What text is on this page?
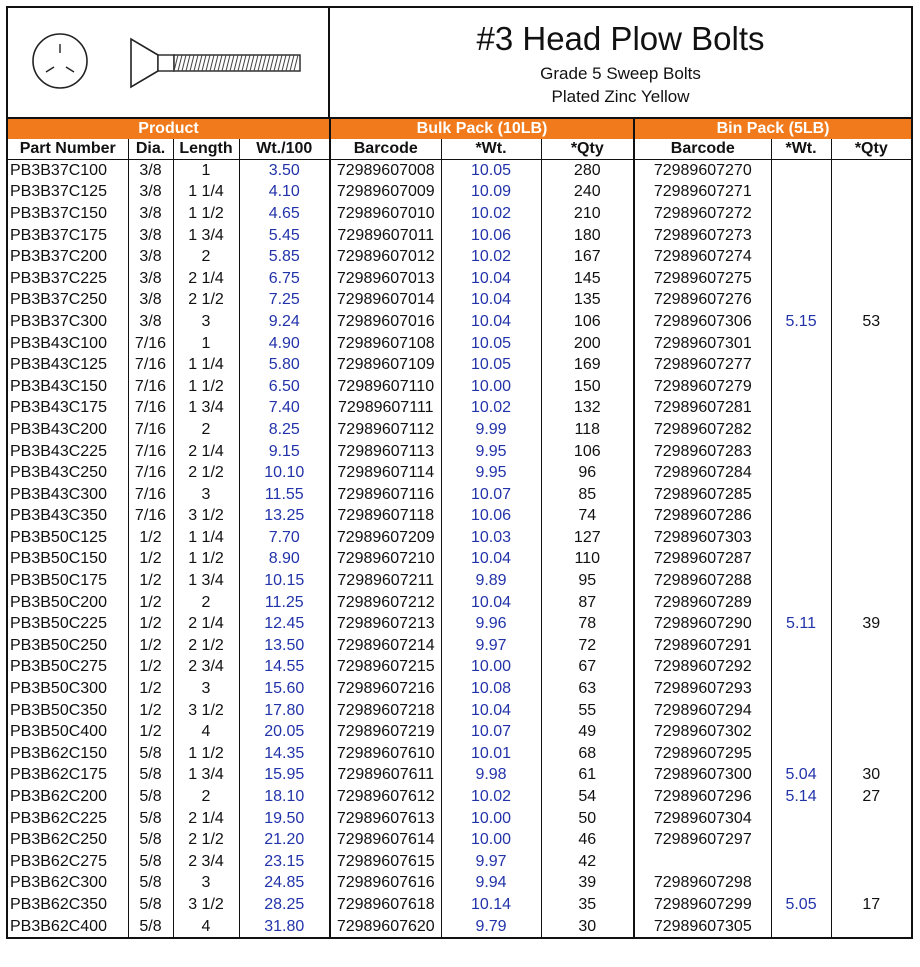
#3 Head Plow Bolts
Grade 5 Sweep Bolts
Plated Zinc Yellow
Product				Bulk Pack (10LB)			Bin Pack (5LB)		
Part Number	Dia.	Length	Wt./100	Barcode	*Wt.	*Qty	Barcode	*Wt.	*Qty
PB3B37C100	3/8	1	3.50	72989607008	10.05	280	72989607270		
PB3B37C125	3/8	1 1/4	4.10	72989607009	10.09	240	72989607271		
PB3B37C150	3/8	1 1/2	4.65	72989607010	10.02	210	72989607272		
PB3B37C175	3/8	1 3/4	5.45	72989607011	10.06	180	72989607273		
PB3B37C200	3/8	2	5.85	72989607012	10.02	167	72989607274		
PB3B37C225	3/8	2 1/4	6.75	72989607013	10.04	145	72989607275		
PB3B37C250	3/8	2 1/2	7.25	72989607014	10.04	135	72989607276		
PB3B37C300	3/8	3	9.24	72989607016	10.04	106	72989607306	5.15	53
PB3B43C100	7/16	1	4.90	72989607108	10.05	200	72989607301		
PB3B43C125	7/16	1 1/4	5.80	72989607109	10.05	169	72989607277		
PB3B43C150	7/16	1 1/2	6.50	72989607110	10.00	150	72989607279		
PB3B43C175	7/16	1 3/4	7.40	72989607111	10.02	132	72989607281		
PB3B43C200	7/16	2	8.25	72989607112	9.99	118	72989607282		
PB3B43C225	7/16	2 1/4	9.15	72989607113	9.95	106	72989607283		
PB3B43C250	7/16	2 1/2	10.10	72989607114	9.95	96	72989607284		
PB3B43C300	7/16	3	11.55	72989607116	10.07	85	72989607285		
PB3B43C350	7/16	3 1/2	13.25	72989607118	10.06	74	72989607286		
PB3B50C125	1/2	1 1/4	7.70	72989607209	10.03	127	72989607303		
PB3B50C150	1/2	1 1/2	8.90	72989607210	10.04	110	72989607287		
PB3B50C175	1/2	1 3/4	10.15	72989607211	9.89	95	72989607288		
PB3B50C200	1/2	2	11.25	72989607212	10.04	87	72989607289		
PB3B50C225	1/2	2 1/4	12.45	72989607213	9.96	78	72989607290	5.11	39
PB3B50C250	1/2	2 1/2	13.50	72989607214	9.97	72	72989607291		
PB3B50C275	1/2	2 3/4	14.55	72989607215	10.00	67	72989607292		
PB3B50C300	1/2	3	15.60	72989607216	10.08	63	72989607293		
PB3B50C350	1/2	3 1/2	17.80	72989607218	10.04	55	72989607294		
PB3B50C400	1/2	4	20.05	72989607219	10.07	49	72989607302		
PB3B62C150	5/8	1 1/2	14.35	72989607610	10.01	68	72989607295		
PB3B62C175	5/8	1 3/4	15.95	72989607611	9.98	61	72989607300	5.04	30
PB3B62C200	5/8	2	18.10	72989607612	10.02	54	72989607296	5.14	27
PB3B62C225	5/8	2 1/4	19.50	72989607613	10.00	50	72989607304		
PB3B62C250	5/8	2 1/2	21.20	72989607614	10.00	46	72989607297		
PB3B62C275	5/8	2 3/4	23.15	72989607615	9.97	42			
PB3B62C300	5/8	3	24.85	72989607616	9.94	39	72989607298		
PB3B62C350	5/8	3 1/2	28.25	72989607618	10.14	35	72989607299	5.05	17
PB3B62C400	5/8	4	31.80	72989607620	9.79	30	72989607305		
